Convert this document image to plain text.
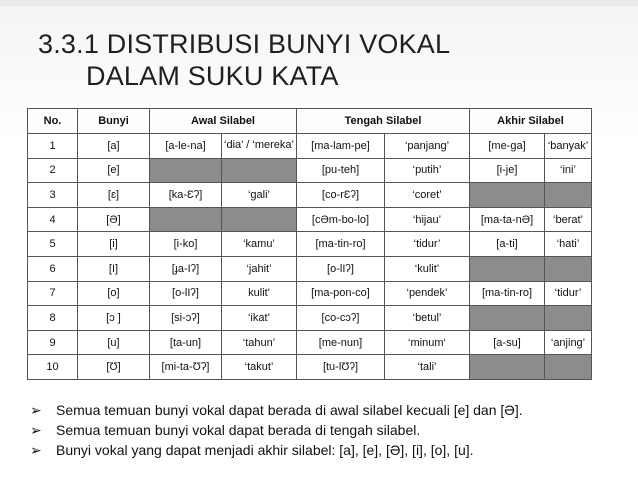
3.3.1 DISTRIBUSI BUNYI VOKAL
DALAM SUKU KATA
No.	Bunyi	Awal Silabel		Tengah Silabel		Akhir Silabel	
1	[a]	[a-le-na]	‘dia’ / ‘mereka’	[ma-lam-pe]	‘panjang’	[me-ga]	‘banyak’
2	[e]			[pu-teh]	‘putih’	[i-je]	‘ini’
3	[ɛ]	[ka-Ɛʔ]	‘gali’	[co-rƐʔ]	‘coret’		
4	[Ə]			[cƏm-bo-lo]	‘hijau’	[ma-ta-nƏ]	‘berat’
5	[i]	[i-ko]	‘kamu’	[ma-tin-ro]	‘tidur’	[a-ti]	‘hati’
6	[I]	[ɟa-Iʔ]	‘jahit’	[o-lIʔ]	‘kulit’		
7	[o]	[o-lIʔ]	kulit'	[ma-pon-co]	‘pendek’	[ma-tin-ro]	‘tidur’
8	[ɔ ]	[si-ɔʔ]	‘ikat’	[co-cɔʔ]	‘betul’		
9	[u]	[ta-un]	‘tahun’	[me-nun]	‘minum‘	[a-su]	‘anjing’
10	[Ʊ]	[mi-ta-Ʊʔ]	‘takut’	[tu-lƱʔ]	‘tali’		
➢	Semua temuan bunyi vokal dapat berada di awal silabel kecuali [e] dan [Ə].
➢	Semua temuan bunyi vokal dapat berada di tengah silabel.
➢	Bunyi vokal yang dapat menjadi akhir silabel: [a], [e], [Ə], [i], [o], [u].
